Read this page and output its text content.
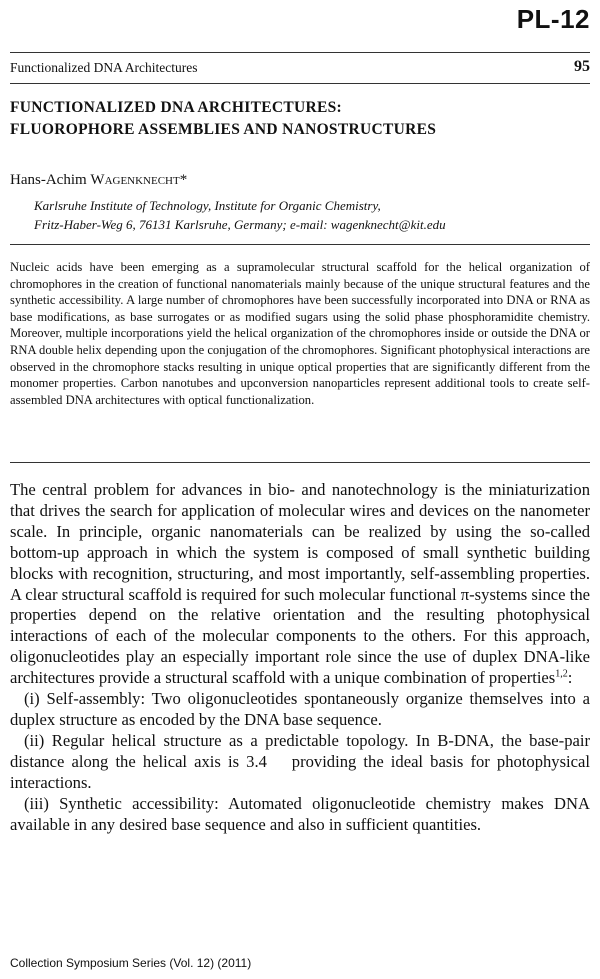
PL-12
Functionalized DNA Architectures	95
FUNCTIONALIZED DNA ARCHITECTURES:
FLUOROPHORE ASSEMBLIES AND NANOSTRUCTURES
Hans-Achim Wagenknecht*
Karlsruhe Institute of Technology, Institute for Organic Chemistry,
Fritz-Haber-Weg 6, 76131 Karlsruhe, Germany; e-mail: wagenknecht@kit.edu

Nucleic acids have been emerging as a supramolecular structural scaffold for the helical organization of chromophores in the creation of functional nanomaterials mainly because of the unique structural features and the synthetic accessibility. A large number of chromophores have been successfully incorporated into DNA or RNA as base modifications, as base surrogates or as modified sugars using the solid phase phosphoramidite chemistry. Moreover, multiple incorporations yield the helical organization of the chromophores inside or outside the DNA or RNA double helix depending upon the conjugation of the chromophores. Significant photophysical interactions are observed in the chromophore stacks resulting in unique optical properties that are significantly different from the monomer properties. Carbon nanotubes and upconversion nanoparticles represent additional tools to create self-assembled DNA architectures with optical functionalization.

The central problem for advances in bio- and nanotechnology is the miniaturization that drives the search for application of molecular wires and devices on the nanometer scale. In principle, organic nanomaterials can be realized by using the so-called bottom-up approach in which the system is composed of small synthetic building blocks with recognition, structuring, and most importantly, self-assembling properties. A clear structural scaffold is required for such molecular functional π-systems since the properties depend on the relative orientation and the resulting photophysical interactions of each of the molecular components to the others. For this approach, oligonucleotides play an especially important role since the use of duplex DNA-like architectures provide a structural scaffold with a unique combination of properties$^{1,2}$:

(i) Self-assembly: Two oligonucleotides spontaneously organize themselves into a duplex structure as encoded by the DNA base sequence.

(ii) Regular helical structure as a predictable topology. In B-DNA, the base-pair distance along the helical axis is 3.4  providing the ideal basis for photophysical interactions.

(iii) Synthetic accessibility: Automated oligonucleotide chemistry makes DNA available in any desired base sequence and also in sufficient quantities.

Collection Symposium Series (Vol. 12) (2011)
